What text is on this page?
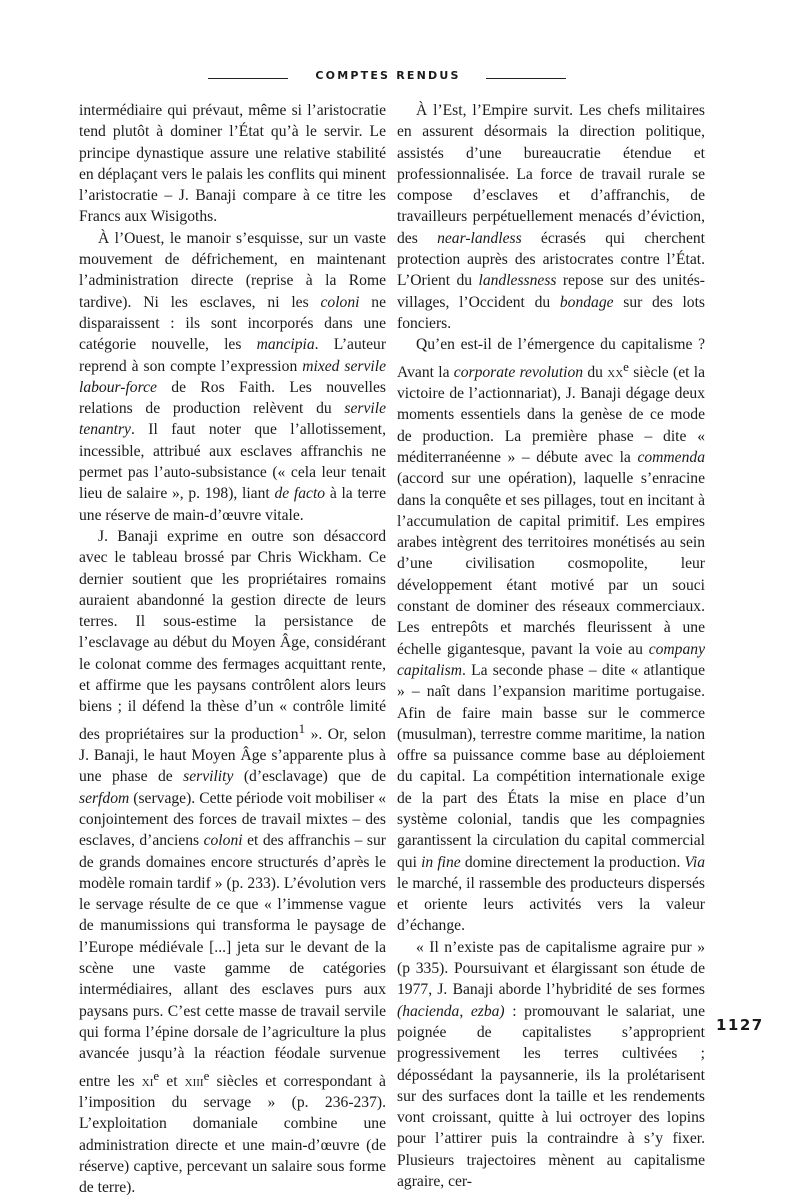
COMPTES RENDUS

intermédiaire qui prévaut, même si l’aristocratie tend plutôt à dominer l’État qu’à le servir. Le principe dynastique assure une relative stabilité en déplaçant vers le palais les conflits qui minent l’aristocratie – J. Banaji compare à ce titre les Francs aux Wisigoths.

À l’Ouest, le manoir s’esquisse, sur un vaste mouvement de défrichement, en maintenant l’administration directe (reprise à la Rome tardive). Ni les esclaves, ni les coloni ne disparaissent : ils sont incorporés dans une catégorie nouvelle, les mancipia. L’auteur reprend à son compte l’expression mixed servile labour-force de Ros Faith. Les nouvelles relations de production relèvent du servile tenantry. Il faut noter que l’allotissement, incessible, attribué aux esclaves affranchis ne permet pas l’auto-subsistance (« cela leur tenait lieu de salaire », p. 198), liant de facto à la terre une réserve de main-d’œuvre vitale.

J. Banaji exprime en outre son désaccord avec le tableau brossé par Chris Wickham. Ce dernier soutient que les propriétaires romains auraient abandonné la gestion directe de leurs terres. Il sous-estime la persistance de l’esclavage au début du Moyen Âge, considérant le colonat comme des fermages acquittant rente, et affirme que les paysans contrôlent alors leurs biens ; il défend la thèse d’un « contrôle limité des propriétaires sur la production$^1$ ». Or, selon J. Banaji, le haut Moyen Âge s’apparente plus à une phase de servility (d’esclavage) que de serfdom (servage). Cette période voit mobiliser « conjointement des forces de travail mixtes – des esclaves, d’anciens coloni et des affranchis – sur de grands domaines encore structurés d’après le modèle romain tardif » (p. 233). L’évolution vers le servage résulte de ce que « l’immense vague de manumissions qui transforma le paysage de l’Europe médiévale [...] jeta sur le devant de la scène une vaste gamme de catégories intermédiaires, allant des esclaves purs aux paysans purs. C’est cette masse de travail servile qui forma l’épine dorsale de l’agriculture la plus avancée jusqu’à la réaction féodale survenue entre les $xi^e$ et xiii$^e$ siècles et correspondant à l’imposition du servage » (p. 236-237). L’exploitation domaniale combine une administration directe et une main-d’œuvre (de réserve) captive, percevant un salaire sous forme de terre).

À l’Est, l’Empire survit. Les chefs militaires en assurent désormais la direction politique, assistés d’une bureaucratie étendue et professionnalisée. La force de travail rurale se compose d’esclaves et d’affranchis, de travailleurs perpétuellement menacés d’éviction, des near-landless écrasés qui cherchent protection auprès des aristocrates contre l’État. L’Orient du landlessness repose sur des unités-villages, l’Occident du bondage sur des lots fonciers.

Qu’en est-il de l’émergence du capitalisme ? Avant la corporate revolution du $xx^e$ siècle (et la victoire de l’actionnariat), J. Banaji dégage deux moments essentiels dans la genèse de ce mode de production. La première phase – dite « méditerranéenne » – débute avec la commenda (accord sur une opération), laquelle s’enracine dans la conquête et ses pillages, tout en incitant à l’accumulation de capital primitif. Les empires arabes intègrent des territoires monétisés au sein d’une civilisation cosmopolite, leur développement étant motivé par un souci constant de dominer des réseaux commerciaux. Les entrepôts et marchés fleurissent à une échelle gigantesque, pavant la voie au company capitalism. La seconde phase – dite « atlantique » – naît dans l’expansion maritime portugaise. Afin de faire main basse sur le commerce (musulman), terrestre comme maritime, la nation offre sa puissance comme base au déploiement du capital. La compétition internationale exige de la part des États la mise en place d’un système colonial, tandis que les compagnies garantissent la circulation du capital commercial qui in fine domine directement la production. Via le marché, il rassemble des producteurs dispersés et oriente leurs activités vers la valeur d’échange.

« Il n’existe pas de capitalisme agraire pur » (p 335). Poursuivant et élargissant son étude de 1977, J. Banaji aborde l’hybridité de ses formes (hacienda, ezba) : promouvant le salariat, une poignée de capitalistes s’approprient progressivement les terres cultivées ; dépossédant la paysannerie, ils la prolétarisent sur des surfaces dont la taille et les rendements vont croissant, quitte à lui octroyer des lopins pour l’attirer puis la contraindre à s’y fixer. Plusieurs trajectoires mènent au capitalisme agraire, cer-

1127
